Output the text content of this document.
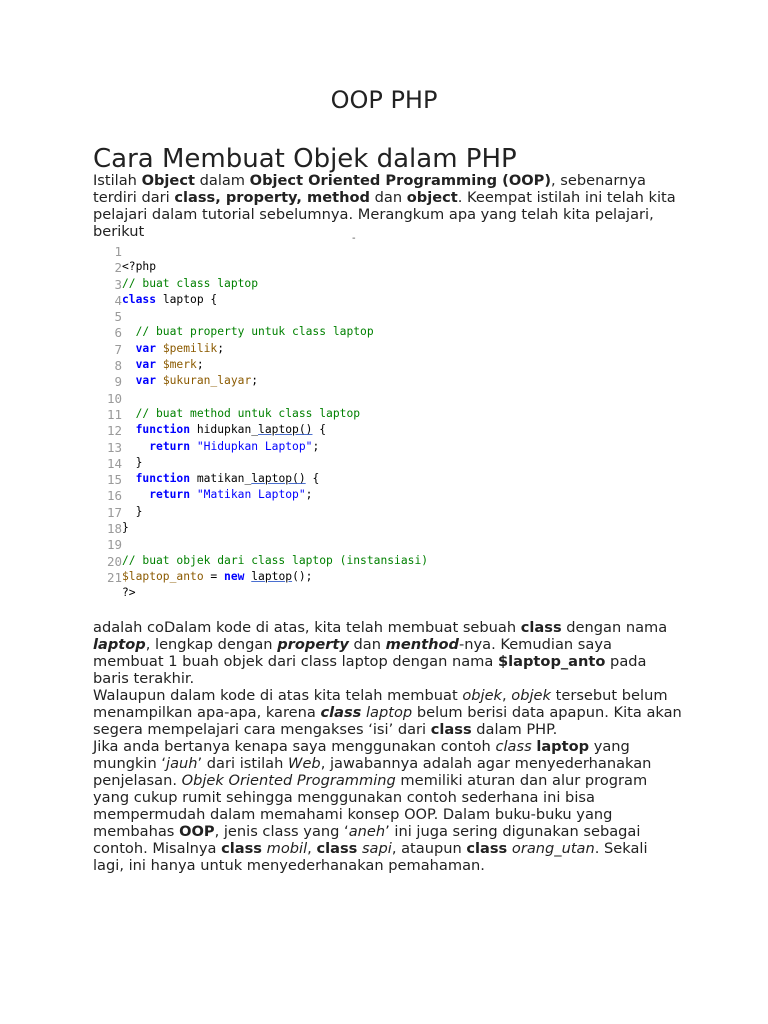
OOP PHP
Cara Membuat Objek dalam PHP

Istilah Object dalam Object Oriented Programming (OOP), sebenarnya terdiri dari class, property, method dan object. Keempat istilah ini telah kita pelajari dalam tutorial sebelumnya. Merangkum apa yang telah kita pelajari, berikut	-
1
2 <?php
3 // buat class laptop
4 class laptop {
5
6 // buat property untuk class laptop
7	var $pemilik;
8	var $merk;
9	var $ukuran_layar;
10
11 // buat method untuk class laptop
12	function hidupkan_laptop() {
13	return "Hidupkan Laptop";
14	}
15	function matikan_laptop() {
16	return "Matikan Laptop";
17	}
18 }
19
20 // buat objek dari class laptop (instansiasi)
21 $laptop_anto = new laptop();
?>

adalah coDalam kode di atas, kita telah membuat sebuah class dengan nama laptop, lengkap dengan property dan menthod-nya. Kemudian saya membuat 1 buah objek dari class laptop dengan nama $laptop_anto pada baris terakhir.

Walaupun dalam kode di atas kita telah membuat objek, objek tersebut belum menampilkan apa-apa, karena class laptop belum berisi data apapun. Kita akan segera mempelajari cara mengakses ‘isi’ dari class dalam PHP.

Jika anda bertanya kenapa saya menggunakan contoh class laptop yang mungkin ‘jauh’ dari istilah Web, jawabannya adalah agar menyederhanakan penjelasan. Objek Oriented Programming memiliki aturan dan alur program yang cukup rumit sehingga menggunakan contoh sederhana ini bisa mempermudah dalam memahami konsep OOP. Dalam buku-buku yang membahas OOP, jenis class yang ‘aneh’ ini juga sering digunakan sebagai contoh. Misalnya class mobil, class sapi, ataupun class orang_utan. Sekali lagi, ini hanya untuk menyederhanakan pemahaman.
